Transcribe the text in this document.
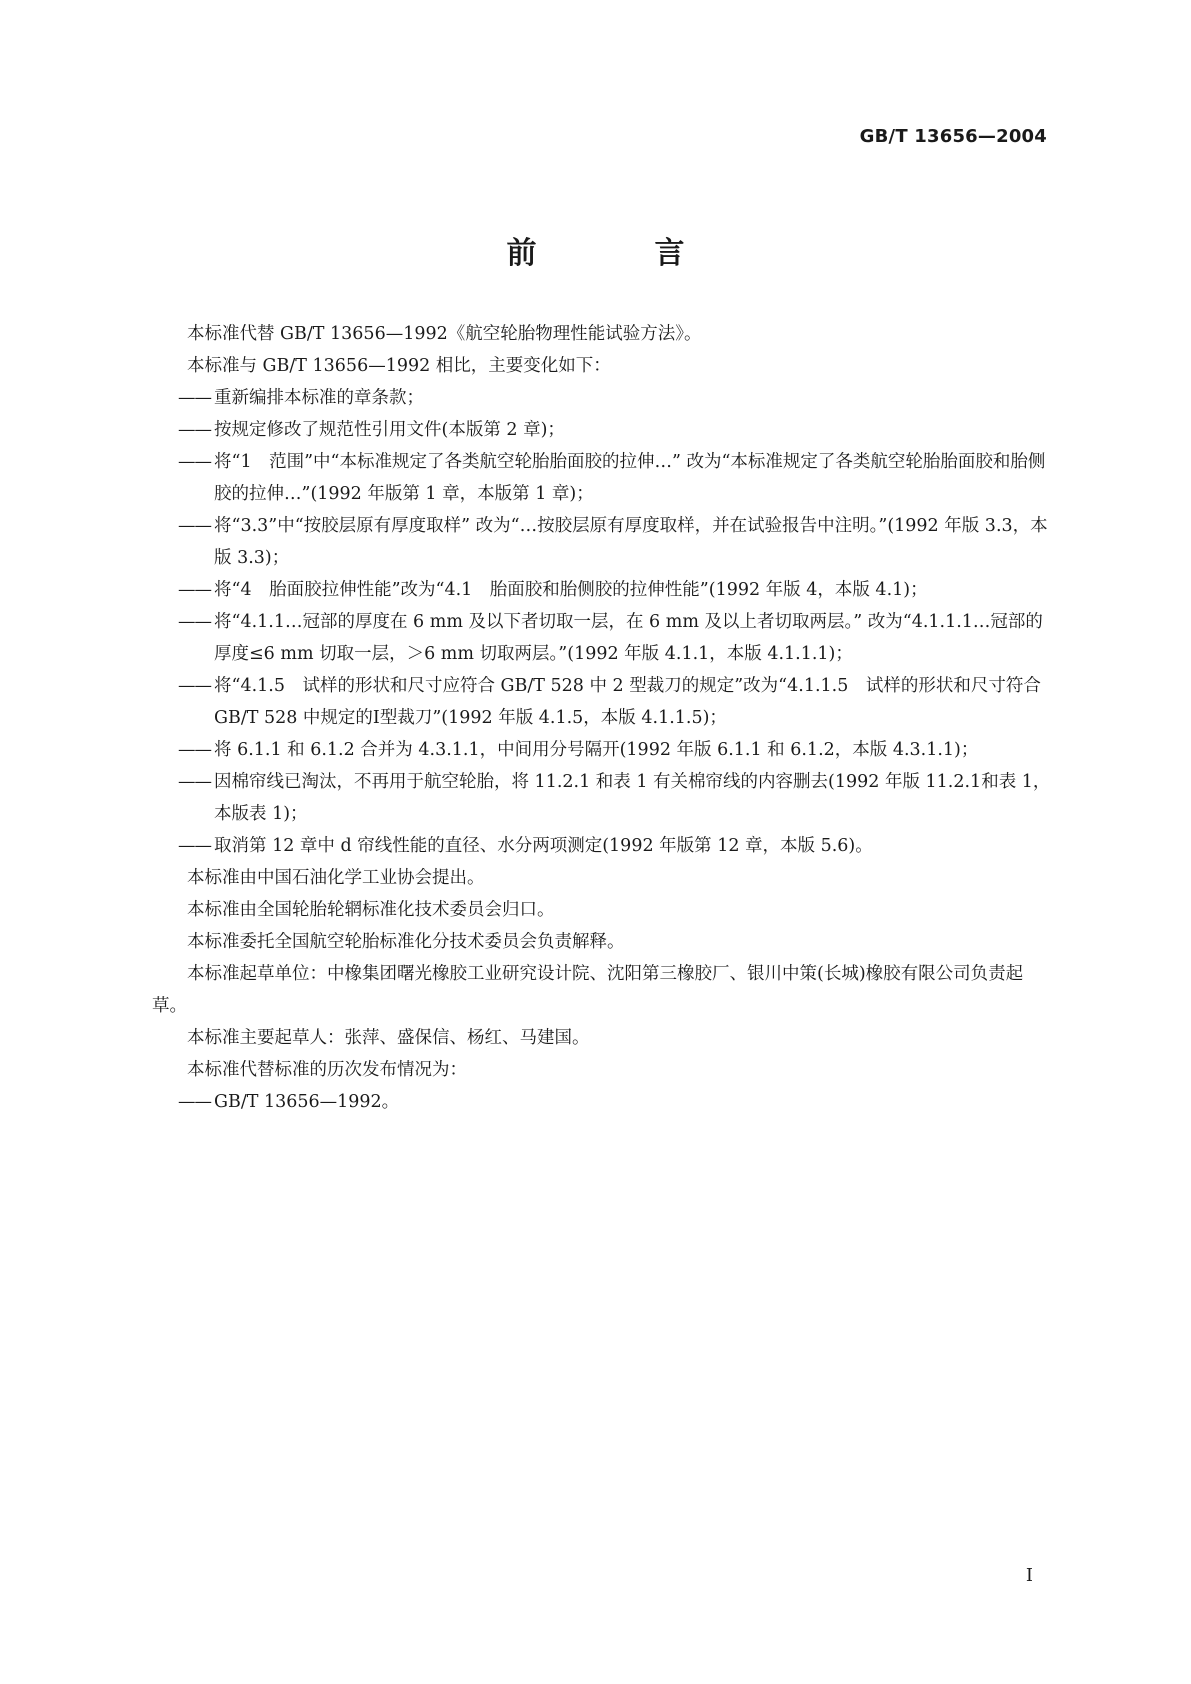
GB/T 13656—2004
前　言

本标准代替 GB/T 13656—1992《航空轮胎物理性能试验方法》。

本标准与 GB/T 13656—1992 相比，主要变化如下：

—— 重新编排本标准的章条款；
—— 按规定修改了规范性引用文件(本版第 2 章)；
—— 将“1　范围”中“本标准规定了各类航空轮胎胎面胶的拉伸…” 改为“本标准规定了各类航空轮胎胎面胶和胎侧胶的拉伸…”(1992 年版第 1 章，本版第 1 章)；
—— 将“3.3”中“按胶层原有厚度取样” 改为“…按胶层原有厚度取样，并在试验报告中注明。”(1992 年版 3.3，本版 3.3)；
—— 将“4　胎面胶拉伸性能”改为“4.1　胎面胶和胎侧胶的拉伸性能”(1992 年版 4，本版 4.1)；
—— 将“4.1.1…冠部的厚度在 6 mm 及以下者切取一层，在 6 mm 及以上者切取两层。” 改为“4.1.1.1…冠部的厚度≤6 mm 切取一层，＞6 mm 切取两层。”(1992 年版 4.1.1，本版 4.1.1.1)；
—— 将“4.1.5　试样的形状和尺寸应符合 GB/T 528 中 2 型裁刀的规定”改为“4.1.1.5　试样的形状和尺寸符合 GB/T 528 中规定的Ⅰ型裁刀”(1992 年版 4.1.5，本版 4.1.1.5)；
—— 将 6.1.1 和 6.1.2 合并为 4.3.1.1，中间用分号隔开(1992 年版 6.1.1 和 6.1.2，本版 4.3.1.1)；
—— 因棉帘线已淘汰，不再用于航空轮胎，将 11.2.1 和表 1 有关棉帘线的内容删去(1992 年版 11.2.1和表 1，本版表 1)；
—— 取消第 12 章中 d 帘线性能的直径、水分两项测定(1992 年版第 12 章，本版 5.6)。

本标准由中国石油化学工业协会提出。

本标准由全国轮胎轮辋标准化技术委员会归口。

本标准委托全国航空轮胎标准化分技术委员会负责解释。

本标准起草单位：中橡集团曙光橡胶工业研究设计院、沈阳第三橡胶厂、银川中策(长城)橡胶有限公司负责起草。

本标准主要起草人：张萍、盛保信、杨红、马建国。

本标准代替标准的历次发布情况为：

—— GB/T 13656—1992。
Ⅰ
